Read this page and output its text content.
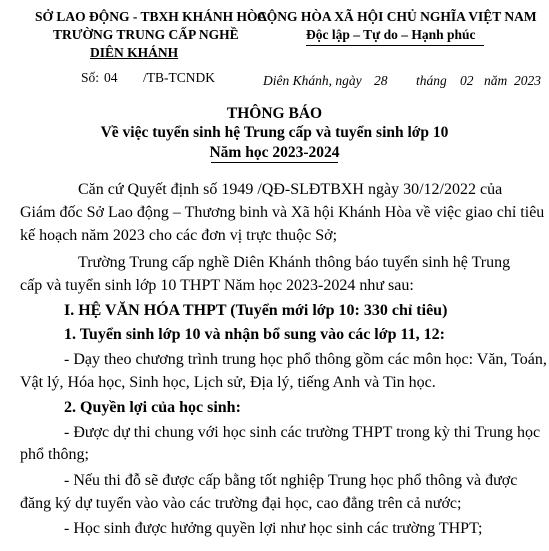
SỞ LAO ĐỘNG - TBXH KHÁNH HÒA
TRƯỜNG TRUNG CẤP NGHỀ
DIÊN KHÁNH
CỘNG HÒA XÃ HỘI CHỦ NGHĨA VIỆT NAM
Độc lập – Tự do – Hạnh phúc
Số: 04 /TB-TCNDK	Diên Khánh, ngày 28 tháng 02 năm 2023
THÔNG BÁO
Về việc tuyển sinh hệ Trung cấp và tuyển sinh lớp 10
Năm học 2023-2024
Căn cứ Quyết định số 1949 /QĐ-SLĐTBXH ngày 30/12/2022 của
Giám đốc Sở Lao động – Thương binh và Xã hội Khánh Hòa về việc giao chỉ tiêu
kế hoạch năm 2023 cho các đơn vị trực thuộc Sở;
Trường Trung cấp nghề Diên Khánh thông báo tuyển sinh hệ Trung
cấp và tuyển sinh lớp 10 THPT Năm học 2023-2024 như sau:
I. HỆ VĂN HÓA THPT (Tuyển mới lớp 10: 330 chỉ tiêu)
1. Tuyển sinh lớp 10 và nhận bổ sung vào các lớp 11, 12:
- Dạy theo chương trình trung học phổ thông gồm các môn học: Văn, Toán,
Vật lý, Hóa học, Sinh học, Lịch sử, Địa lý, tiếng Anh và Tin học.
2. Quyền lợi của học sinh:
- Được dự thi chung với học sinh các trường THPT trong kỳ thi Trung học
phổ thông;
- Nếu thi đỗ sẽ được cấp bằng tốt nghiệp Trung học phổ thông và được
đăng ký dự tuyển vào vào các trường đại học, cao đẳng trên cả nước;
- Học sinh được hưởng quyền lợi như học sinh các trường THPT;
